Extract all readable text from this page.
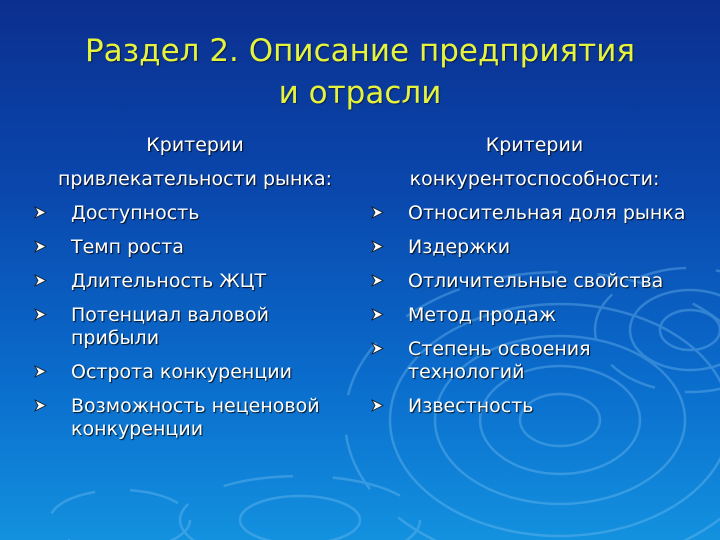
Раздел 2. Описание предприятия
и отрасли
Критерии
привлекательности рынка:
Доступность
Темп роста
Длительность ЖЦТ
Потенциал валовой прибыли
Острота конкуренции
Возможность неценовой конкуренции
Критерии
конкурентоспособности:
Относительная доля рынка
Издержки
Отличительные свойства
Метод продаж
Степень освоения технологий
Известность
